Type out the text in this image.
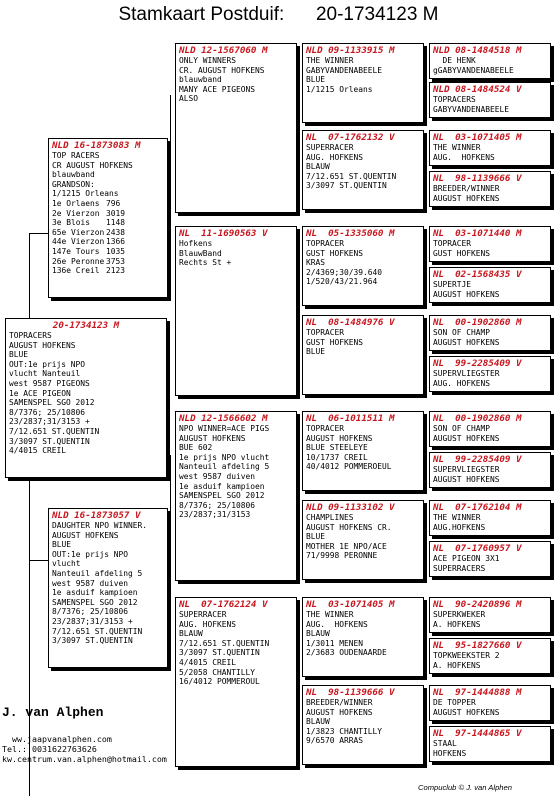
Stamkaart Postduif:      20-1734123 M
20-1734123 M
TOPRACERS
AUGUST HOFKENS
BLUE
OUT:1e prijs NPO
vlucht Nanteuil
west 9587 PIGEONS
1e ACE PIGEON
SAMENSPEL SGO 2012
8/7376; 25/10806
23/2837;31/3153 +
7/12.651 ST.QUENTIN
3/3097 ST.QUENTIN
4/4015 CREIL
NLD 16-1873083 M
TOP RACERS
CR AUGUST HOFKENS
blauwband
GRANDSON:
1/1215 Orleans
1e Orlaens 796
2e Vierzon 3019
3e Blois 1148
65e Vierzon 2438
44e Vierzon 1366
147e Tours 1035
26e Peronne 3753
136e Creil 2123
NLD 16-1873057 V
DAUGHTER NPO WINNER.
AUGUST HOFKENS
BLUE
OUT:1e prijs NPO
vlucht
Nanteuil afdeling 5
west 9587 duiven
1e asduif kampioen
SAMENSPEL SGO 2012
8/7376; 25/10806
23/2837;31/3153 +
7/12.651 ST.QUENTIN
3/3097 ST.QUENTIN
NLD 12-1567060 M
ONLY WINNERS
CR. AUGUST HOFKENS
blauwband
MANY ACE PIGEONS
ALSO
NL  11-1690563 V
Hofkens
BlauwBand
Rechts St +
NLD 12-1566602 M
NPO WINNER=ACE PIGS
AUGUST HOFKENS
BUE 602
1e prijs NPO vlucht
Nanteuil afdeling 5
west 9587 duiven
1e asduif kampioen
SAMENSPEL SGO 2012
8/7376; 25/10806
23/2837;31/3153
NL  07-1762124 V
SUPERRACER
AUG. HOFKENS
BLAUW
7/12.651 ST.QUENTIN
3/3097 ST.QUENTIN
4/4015 CREIL
5/2058 CHANTILLY
16/4012 POMMEROUL
NLD 09-1133915 M
THE WINNER
GABYVANDENABEELE
BLUE
1/1215 Orleans
NL  07-1762132 V
SUPERRACER
AUG. HOFKENS
BLAUW
7/12.651 ST.QUENTIN
3/3097 ST.QUENTIN
NL  05-1335060 M
TOPRACER
GUST HOFKENS
KRAS
2/4369;30/39.640
1/520/43/21.964
NL  08-1484976 V
TOPRACER
GUST HOFKENS
BLUE
NL  06-1011511 M
TOPRACER
AUGUST HOFKENS
BLUE STEELEYE
10/1737 CREIL
40/4012 POMMEROEUL
NLD 09-1133102 V
CHAMPLINES
AUGUST HOFKENS CR.
BLUE
MOTHER 1E NPO/ACE
71/9998 PERONNE
NL  03-1071405 M
THE WINNER
AUG.  HOFKENS
BLAUW
1/3011 MENEN
2/3683 OUDENAARDE
NL  98-1139666 V
BREEDER/WINNER
AUGUST HOFKENS
BLAUW
1/3823 CHANTILLY
9/6570 ARRAS
NLD 08-1484518 M
DE HENK
gGABYVANDENABEELE
NLD 08-1484524 V
TOPRACERS
GABYVANDENABEELE
NL  03-1071405 M
THE WINNER
AUG.  HOFKENS
NL  98-1139666 V
BREEDER/WINNER
AUGUST HOFKENS
NL  03-1071440 M
TOPRACER
GUST HOFKENS
NL  02-1568435 V
SUPERTJE
AUGUST HOFKENS
NL  00-1902860 M
SON OF CHAMP
AUGUST HOFKENS
NL  99-2285409 V
SUPERVLIEGSTER
AUG. HOFKENS
NL  00-1902860 M
SON OF CHAMP
AUGUST HOFKENS
NL  99-2285409 V
SUPERVLIEGSTER
AUGUST HOFKENS
NL  07-1762104 M
THE WINNER
AUG.HOFKENS
NL  07-1760957 V
ACE PIGEON 3X1
SUPERRACERS
NL  90-2420896 M
SUPERKWEKER
A. HOFKENS
NL  95-1827660 V
TOPKWEEKSTER 2
A. HOFKENS
NL  97-1444888 M
DE TOPPER
AUGUST HOFKENS
NL  97-1444865 V
STAAL
HOFKENS
J. van Alphen
ww.jaapvanalphen.com
Tel.: 0031622763626
kw.centrum.van.alphen@hotmail.com
Compuclub © J. van Alphen
